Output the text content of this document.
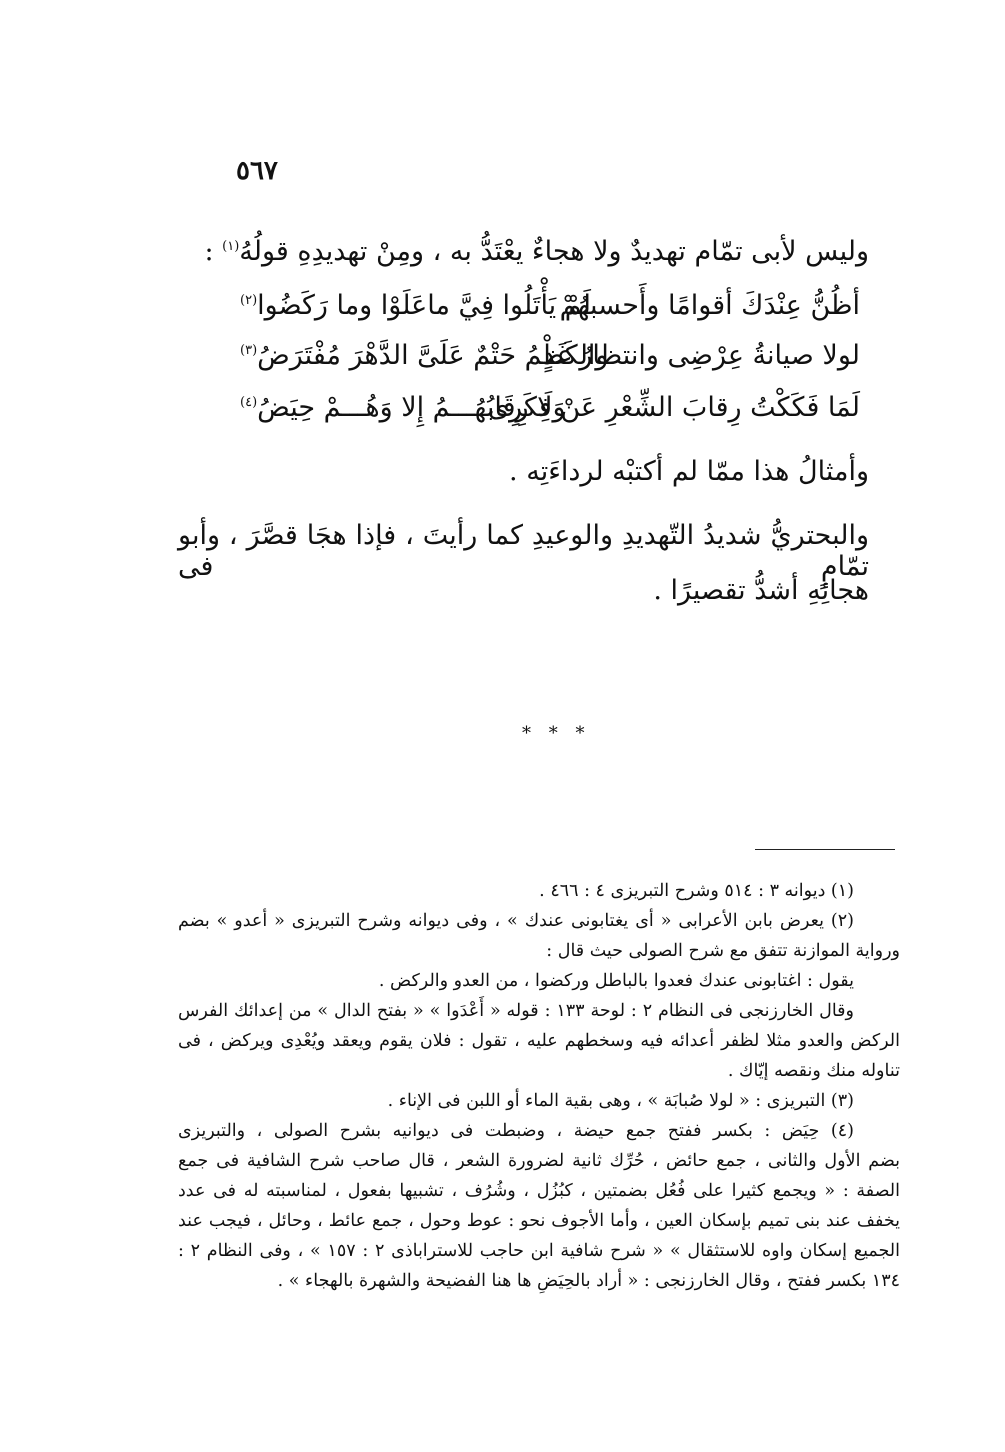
٥٦٧
وليس لأبى تمّام تهديدٌ ولا هجاءٌ يعْتَدُّ به ، ومِنْ تهديدِهِ قولُهُ$^{(١)}$ :
أظُنُّ عِنْدَكَ أقوامًا وأَحسبهُمْ
لَمْ يَأْتَلُوا فِيَّ ماعَلَوْا وما رَكَضُوا$^{(٢)}$
لولا صيانةُ عِرْضِى وانتظارُ غَدٍ
والكَظْمُ حَتْمٌ عَلَىَّ الدَّهْرَ مُفْتَرَضُ$^{(٣)}$
لَمَا فَكَكْتُ رِقابَ الشِّعْرِ عَنْ فِكَرِى
وَلَا رِقَابُهُـــمُ إِلا وَهُـــمْ حِيَضُ$^{(٤)}$
وأمثالُ هذا ممّا لم أكتبْه لرداءَتِه .
والبحتريُّ شديدُ التّهديدِ والوعيدِ كما رأيتَ ، فإذا هجَا قصَّرَ ، وأبو تمّامٍ فى
هجائِهِ أشدُّ تقصيرًا .
* * *
(١) ديوانه ٣ : ٥١٤ وشرح التبريزى ٤ : ٤٦٦ .
(٢) يعرض بابن الأعرابى « أى يغتابونى عندك » ، وفى ديوانه وشرح التبريزى « أعدو » بضم
ورواية الموازنة تتفق مع شرح الصولى حيث قال :
يقول : اغتابونى عندك فعدوا بالباطل وركضوا ، من العدو والركض .
وقال الخارزنجى فى النظام ٢ : لوحة ١٣٣ : قوله « أَعْدَوا » « بفتح الدال » من إعدائك الفرس
الركض والعدو مثلا لظفر أعدائه فيه وسخطهم عليه ، تقول : فلان يقوم ويعقد ويُعْدِى ويركض ، فى
تناوله منك ونقصه إيّاك .
(٣) التبريزى : « لولا صُبابَة » ، وهى بقية الماء أو اللبن فى الإناء .
(٤) حِيَض : بكسر ففتح جمع حيضة ، وضبطت فى ديوانيه بشرح الصولى ، والتبريزى
بضم الأول والثانى ، جمع حائض ، حُرِّك ثانية لضرورة الشعر ، قال صاحب شرح الشافية فى جمع
الصفة : « ويجمع كثيرا على فُعُل بضمتين ، كبُزُل ، وشُرُف ، تشبيها بفعول ، لمناسبته له فى عدد
يخفف عند بنى تميم بإسكان العين ، وأما الأجوف نحو : عوط وحول ، جمع عائط ، وحائل ، فيجب عند
الجميع إسكان واوه للاستثقال » « شرح شافية ابن حاجب للاستراباذى ٢ : ١٥٧ » ، وفى النظام ٢ :
١٣٤ بكسر ففتح ، وقال الخارزنجى : « أراد بالحِيَضِ ها هنا الفضيحة والشهرة بالهجاء » .
